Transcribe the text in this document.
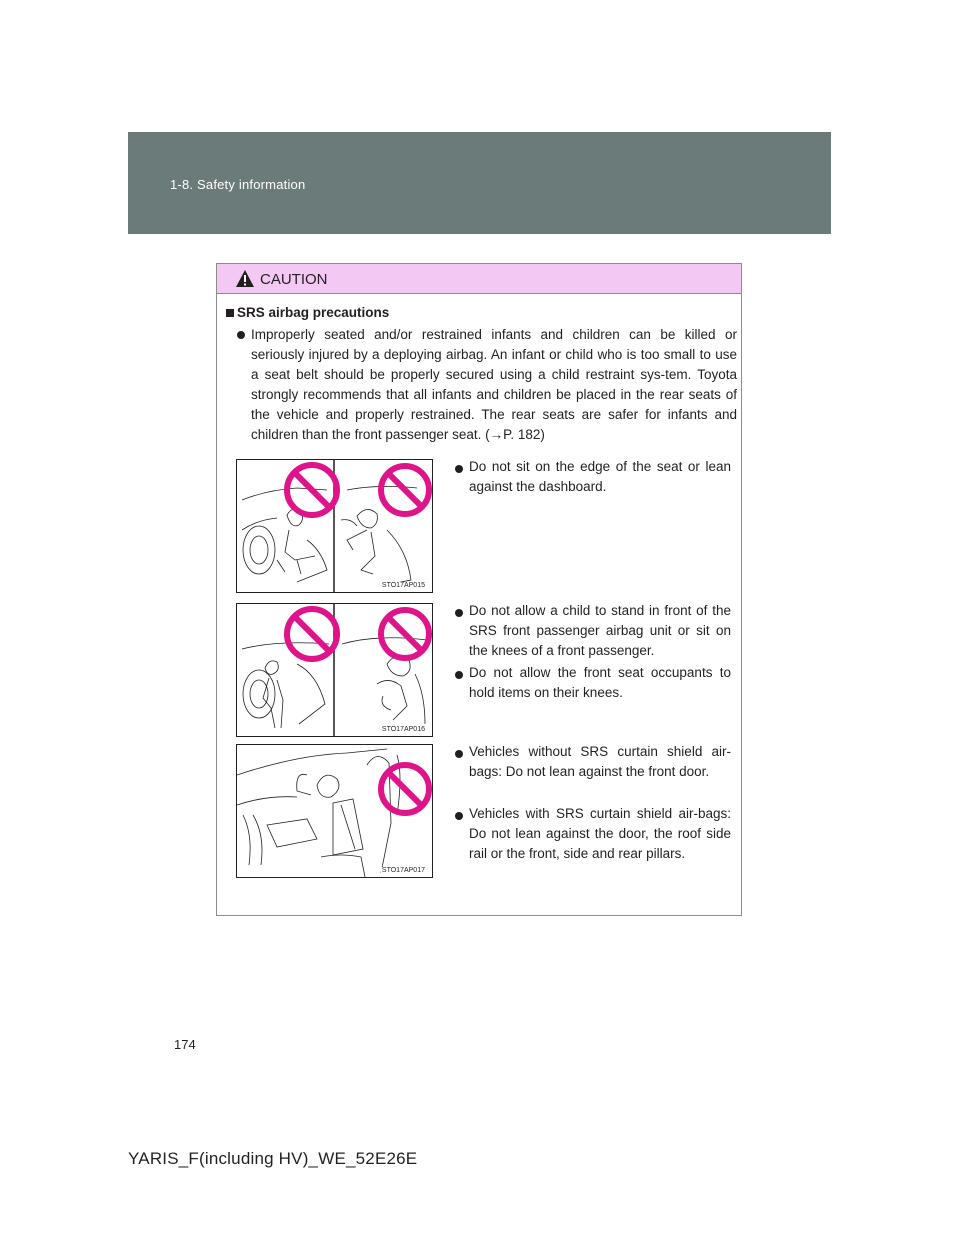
1-8. Safety information
CAUTION
SRS airbag precautions
Improperly seated and/or restrained infants and children can be killed or seriously injured by a deploying airbag. An infant or child who is too small to use a seat belt should be properly secured using a child restraint sys-tem. Toyota strongly recommends that all infants and children be placed in the rear seats of the vehicle and properly restrained. The rear seats are safer for infants and children than the front passenger seat. (→P. 182)
STO17AP015
Do not sit on the edge of the seat or lean against the dashboard.
STO17AP016
Do not allow a child to stand in front of the SRS front passenger airbag unit or sit on the knees of a front passenger.
Do not allow the front seat occupants to hold items on their knees.
STO17AP017
Vehicles without SRS curtain shield air-bags: Do not lean against the front door.
Vehicles with SRS curtain shield air-bags: Do not lean against the door, the roof side rail or the front, side and rear pillars.
174
YARIS_F(including HV)_WE_52E26E
